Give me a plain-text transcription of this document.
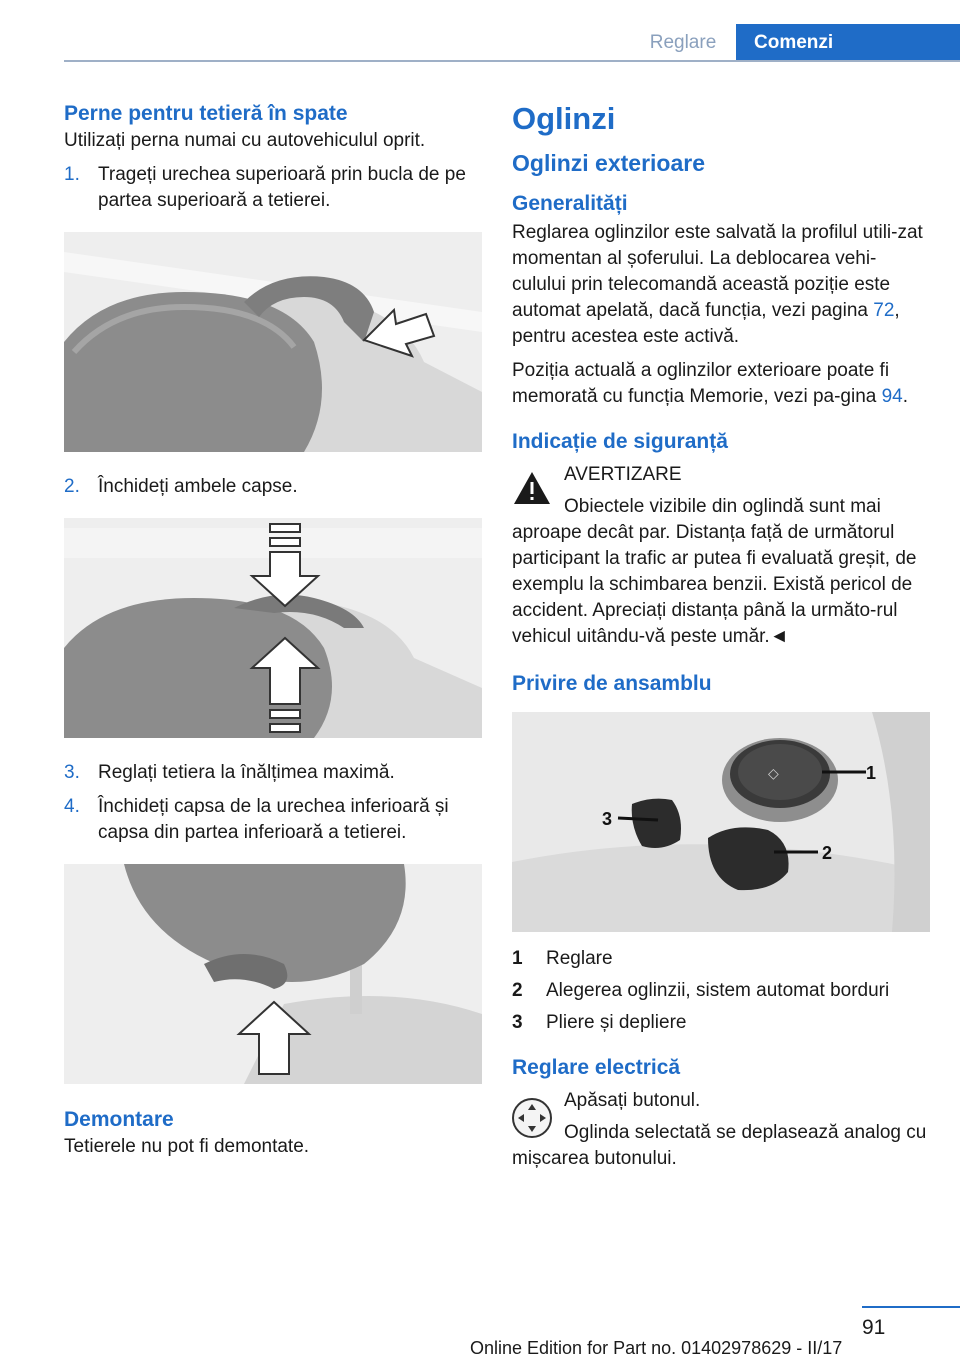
Reglare	Comenzi
Perne pentru tetieră în spate

Utilizați perna numai cu autovehiculul oprit.

1. Trageți urechea superioară prin bucla de pe partea superioară a tetierei.
2. Închideți ambele capse.
3. Reglați tetiera la înălțimea maximă.
4. Închideți capsa de la urechea inferioară și capsa din partea inferioară a tetierei.
Demontare

Tetierele nu pot fi demontate.

Oglinzi
Oglinzi exterioare
Generalități

Reglarea oglinzilor este salvată la profilul utili‐zat momentan al șoferului. La deblocarea vehi‐culului prin telecomandă această poziție este automat apelată, dacă funcția, vezi pagina 72, pentru acestea este activă.

Poziția actuală a oglinzilor exterioare poate fi memorată cu funcția Memorie, vezi pa‐gina 94.

Indicație de siguranță

AVERTIZARE

Obiectele vizibile din oglindă sunt mai aproape decât par. Distanța față de următorul participant la trafic ar putea fi evaluată greșit, de exemplu la schimbarea benzii. Există pericol de accident. Apreciați distanța până la următo‐rul vehicul uitându-vă peste umăr.◄

Privire de ansamblu
◇	1
2
3
1 Reglare
2 Alegerea oglinzii, sistem automat borduri
3 Pliere și depliere
Reglare electrică

Apăsați butonul.

Oglinda selectată se deplasează analog cu mișcarea butonului.

91
Online Edition for Part no. 01402978629 - II/17
